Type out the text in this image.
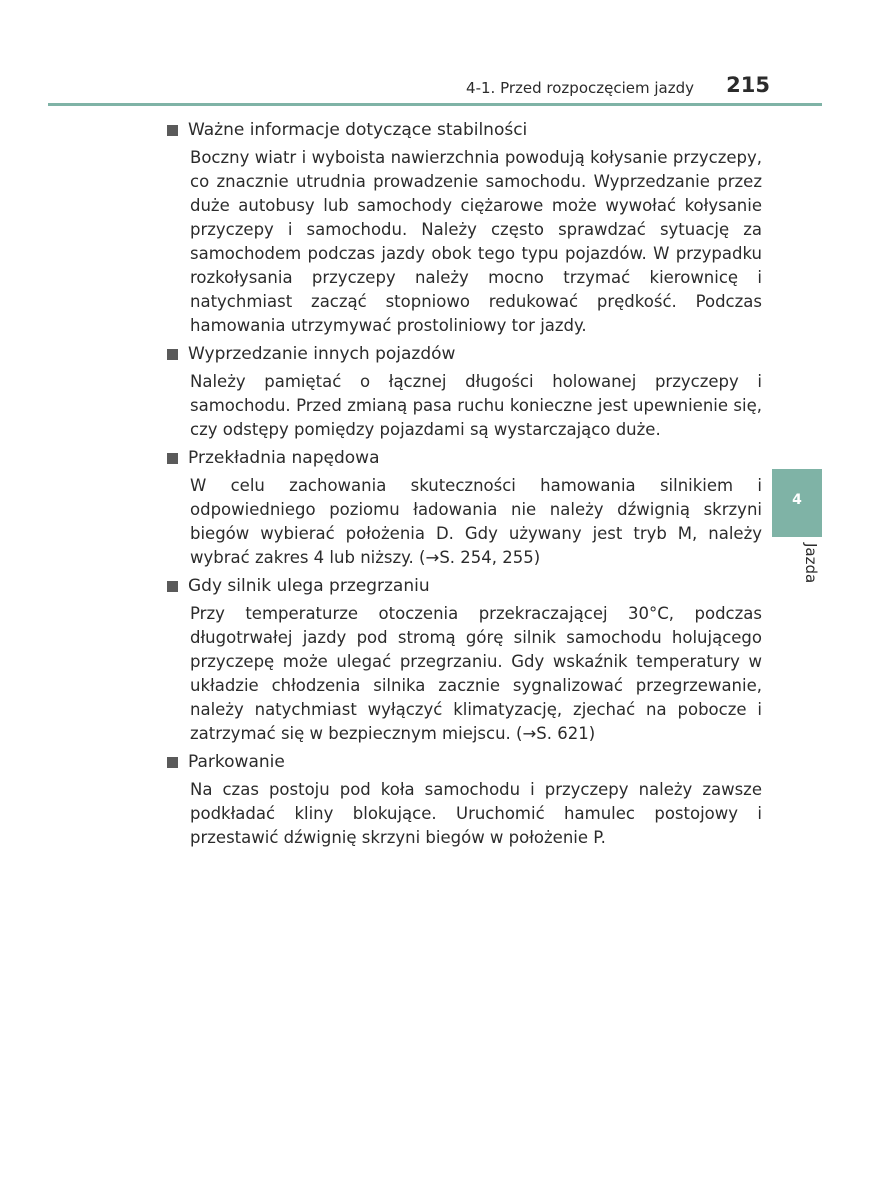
4-1. Przed rozpoczęciem jazdy 215
Ważne informacje dotyczące stabilności
Boczny wiatr i wyboista nawierzchnia powodują kołysanie przyczepy, co znacznie utrudnia prowadzenie samochodu. Wyprzedzanie przez duże autobusy lub samochody ciężarowe może wywołać kołysanie przyczepy i samochodu. Należy często sprawdzać sytuację za samochodem podczas jazdy obok tego typu pojazdów. W przypadku rozkołysania przyczepy należy mocno trzymać kierownicę i natychmiast zacząć stopniowo redukować prędkość. Podczas hamowania utrzymywać prostoliniowy tor jazdy.
Wyprzedzanie innych pojazdów
Należy pamiętać o łącznej długości holowanej przyczepy i samochodu. Przed zmianą pasa ruchu konieczne jest upewnienie się, czy odstępy pomiędzy pojazdami są wystarczająco duże.
Przekładnia napędowa
W celu zachowania skuteczności hamowania silnikiem i odpowiedniego poziomu ładowania nie należy dźwignią skrzyni biegów wybierać położenia D. Gdy używany jest tryb M, należy wybrać zakres 4 lub niższy. (→S. 254, 255)
Gdy silnik ulega przegrzaniu
Przy temperaturze otoczenia przekraczającej 30°C, podczas długotrwałej jazdy pod stromą górę silnik samochodu holującego przyczepę może ulegać przegrzaniu. Gdy wskaźnik temperatury w układzie chłodzenia silnika zacznie sygnalizować przegrzewanie, należy natychmiast wyłączyć klimatyzację, zjechać na pobocze i zatrzymać się w bezpiecznym miejscu. (→S. 621)
Parkowanie
Na czas postoju pod koła samochodu i przyczepy należy zawsze podkładać kliny blokujące. Uruchomić hamulec postojowy i przestawić dźwignię skrzyni biegów w położenie P.
4
Jazda
